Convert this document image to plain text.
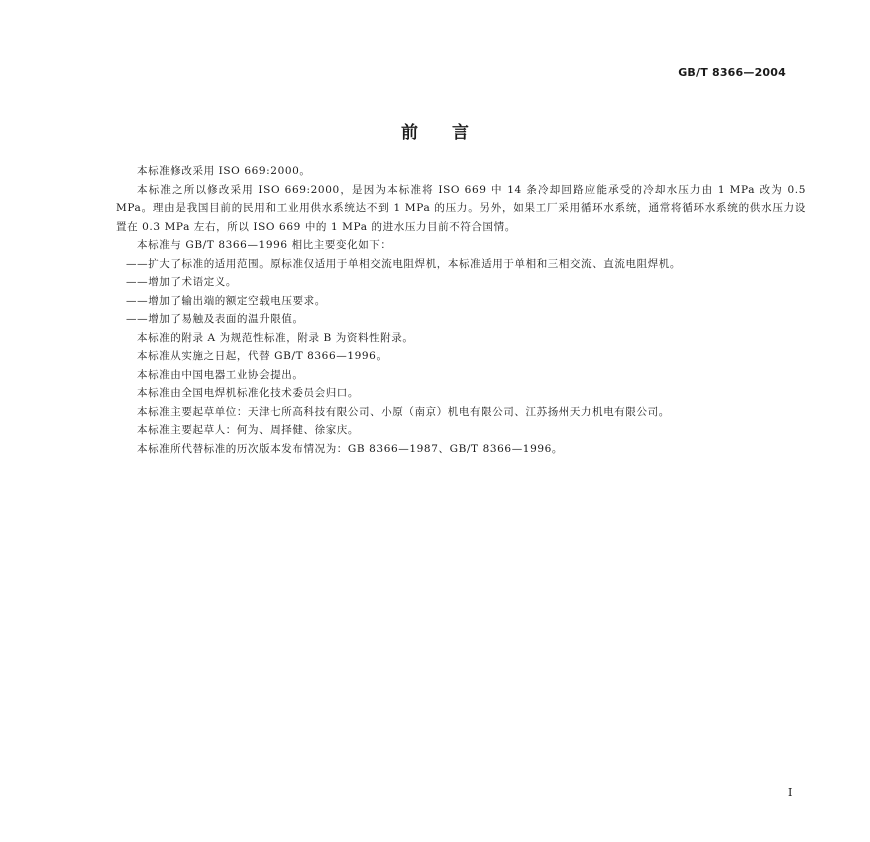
GB/T 8366—2004
前言

本标准修改采用 ISO 669:2000。

本标准之所以修改采用 ISO 669:2000，是因为本标准将 ISO 669 中 14 条冷却回路应能承受的冷却水压力由 1 MPa 改为 0.5 MPa。理由是我国目前的民用和工业用供水系统达不到 1 MPa 的压力。另外，如果工厂采用循环水系统，通常将循环水系统的供水压力设置在 0.3 MPa 左右，所以 ISO 669 中的 1 MPa 的进水压力目前不符合国情。

本标准与 GB/T 8366—1996 相比主要变化如下：

——扩大了标准的适用范围。原标准仅适用于单相交流电阻焊机，本标准适用于单相和三相交流、直流电阻焊机。

——增加了术语定义。

——增加了输出端的额定空载电压要求。

——增加了易触及表面的温升限值。

本标准的附录 A 为规范性标准，附录 B 为资料性附录。

本标准从实施之日起，代替 GB/T 8366—1996。

本标准由中国电器工业协会提出。

本标准由全国电焊机标准化技术委员会归口。

本标准主要起草单位：天津七所高科技有限公司、小原（南京）机电有限公司、江苏扬州天力机电有限公司。

本标准主要起草人：何为、周择健、徐家庆。

本标准所代替标准的历次版本发布情况为：GB 8366—1987、GB/T 8366—1996。

I
